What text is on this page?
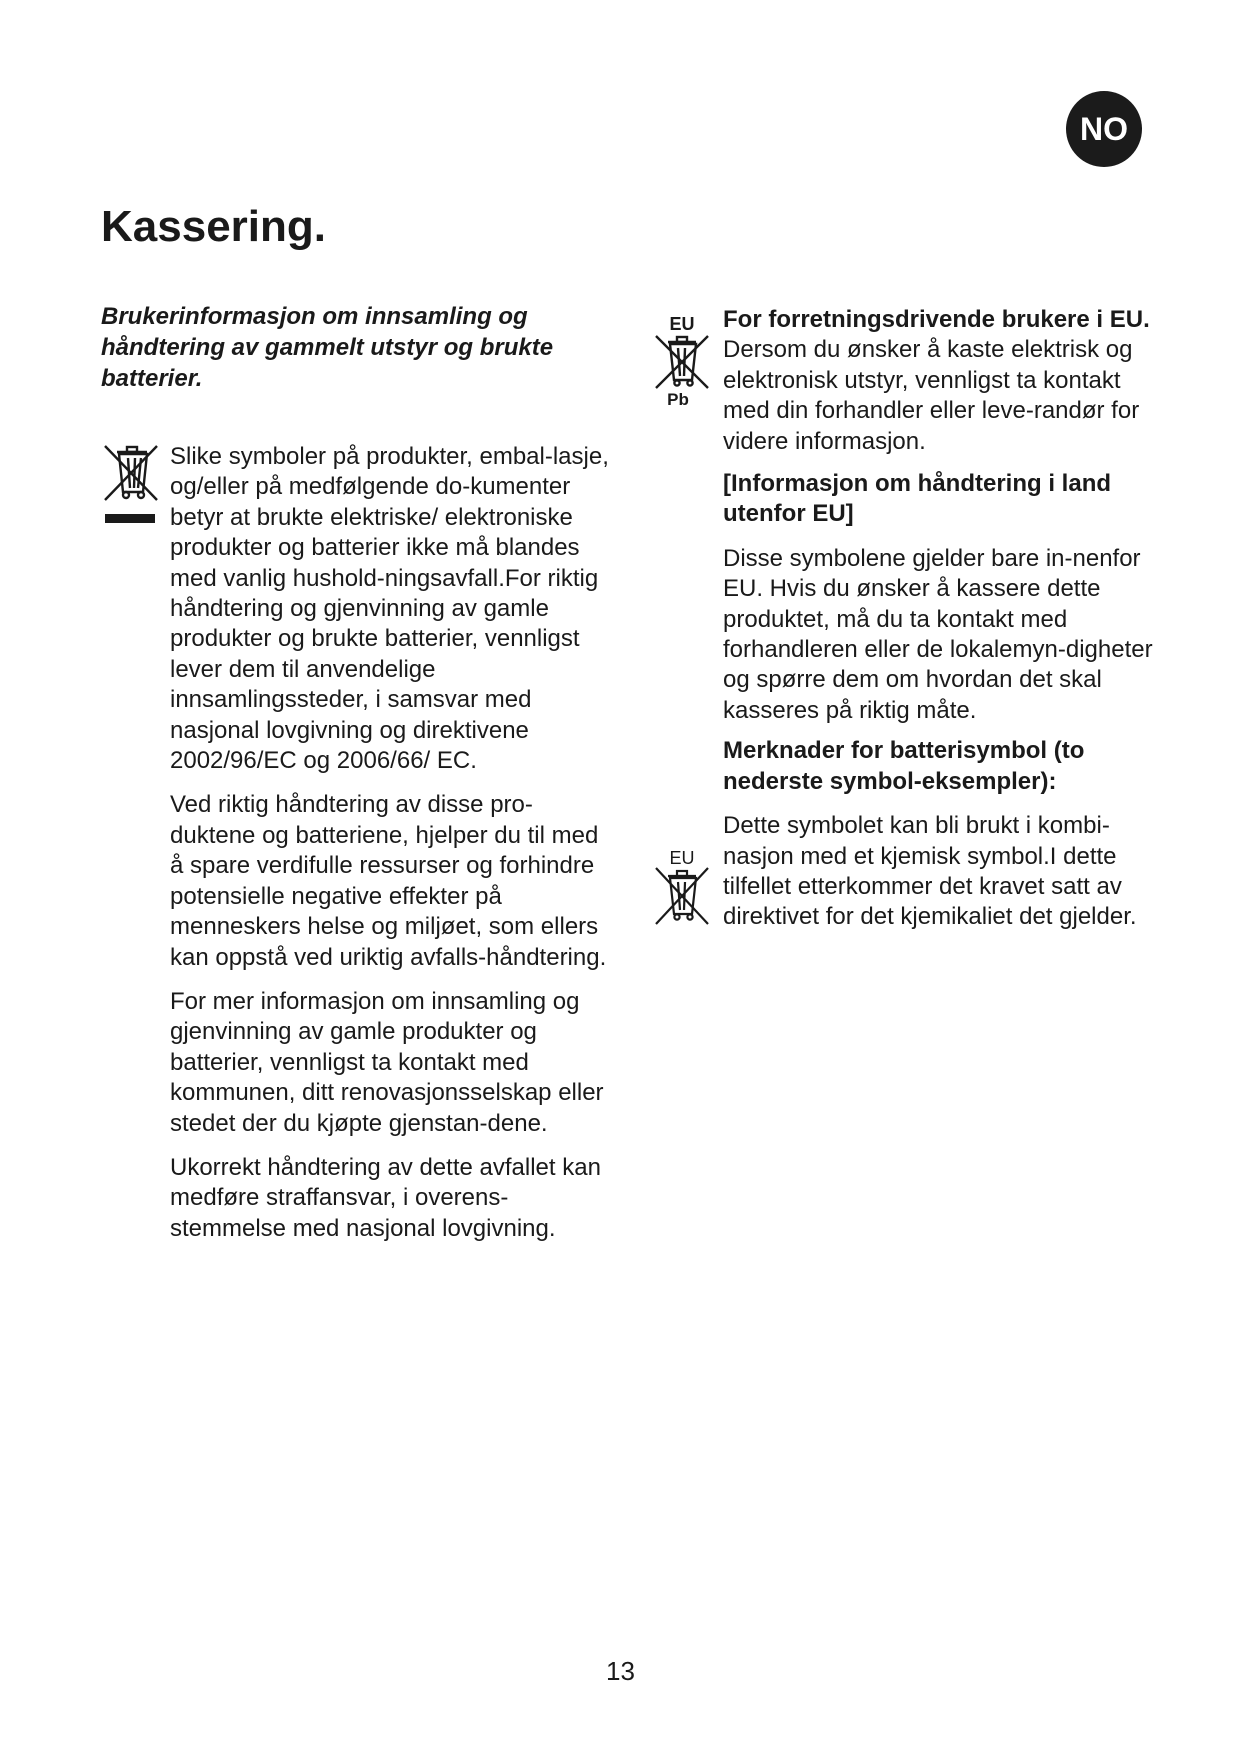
NO
Kassering.

Brukerinformasjon om innsamling og håndtering av gammelt utstyr og brukte batterier.

Slike symboler på produkter, embal-lasje, og/eller på medfølgende do-kumenter betyr at brukte elektriske/ elektroniske produkter og batterier ikke må blandes med vanlig hushold-ningsavfall.For riktig håndtering og gjenvinning av gamle produkter og brukte batterier, vennligst lever dem til anvendelige innsamlingssteder, i samsvar med nasjonal lovgivning og direktivene 2002/96/EC og 2006/66/ EC.

Ved riktig håndtering av disse pro-duktene og batteriene, hjelper du til med å spare verdifulle ressurser og forhindre potensielle negative effekter på menneskers helse og miljøet, som ellers kan oppstå ved uriktig avfalls-håndtering.

For mer informasjon om innsamling og gjenvinning av gamle produkter og batterier, vennligst ta kontakt med kommunen, ditt renovasjonsselskap eller stedet der du kjøpte gjenstan-dene.

Ukorrekt håndtering av dette avfallet kan medføre straffansvar, i overens-stemmelse med nasjonal lovgivning.

EU
Pb
EU

For forretningsdrivende brukere i EU.

Dersom du ønsker å kaste elektrisk og elektronisk utstyr, vennligst ta kontakt med din forhandler eller leve-randør for videre informasjon.

[Informasjon om håndtering i land utenfor EU]

Disse symbolene gjelder bare in-nenfor EU. Hvis du ønsker å kassere dette produktet, må du ta kontakt med forhandleren eller de lokalemyn-digheter og spørre dem om hvordan det skal kasseres på riktig måte.

Merknader for batterisymbol (to nederste symbol-eksempler):

Dette symbolet kan bli brukt i kombi-nasjon med et kjemisk symbol.I dette tilfellet etterkommer det kravet satt av direktivet for det kjemikaliet det gjelder.

13
